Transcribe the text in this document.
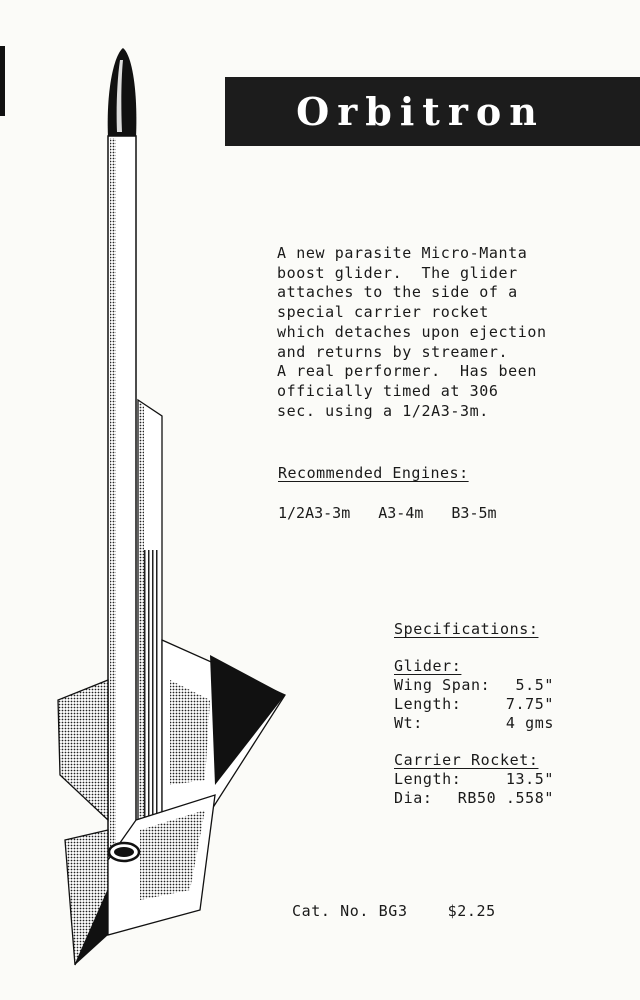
Orbitron
A new parasite Micro-Manta
boost glider.  The glider
attaches to the side of a
special carrier rocket
which detaches upon ejection
and returns by streamer.
A real performer.  Has been
officially timed at 306
sec. using a 1/2A3-3m.
Recommended Engines:
1/2A3-3m A3-4m B3-5m
Specifications:
Glider:
Wing Span: 5.5"
Length:	7.75"
Wt:	4 gms
Carrier Rocket:
Length:	13.5"
Dia: RB50 .558"
Cat. No. BG3	$2.25
